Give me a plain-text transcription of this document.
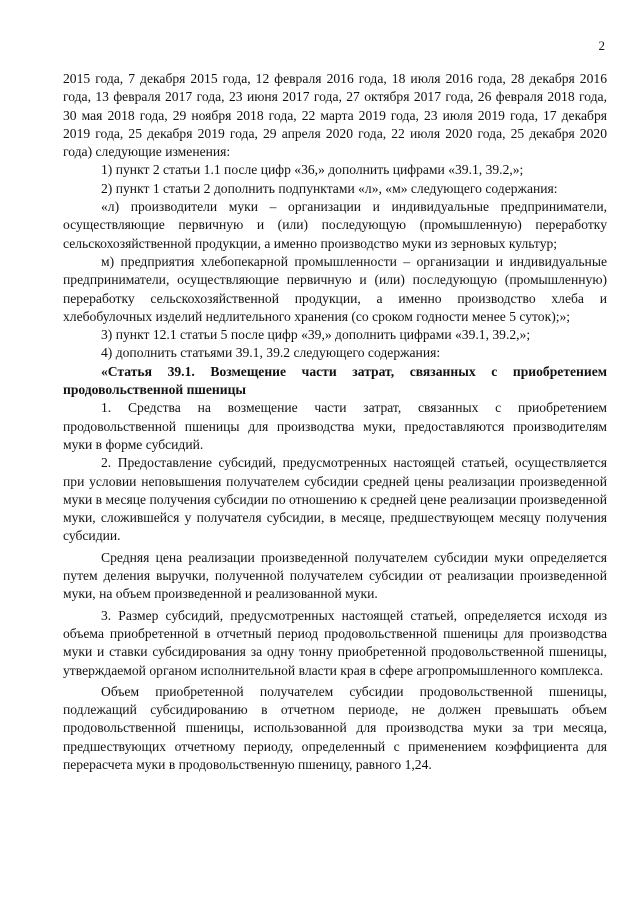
2

2015 года, 7 декабря 2015 года, 12 февраля 2016 года, 18 июля 2016 года, 28 декабря 2016 года, 13 февраля 2017 года, 23 июня 2017 года, 27 октября 2017 года, 26 февраля 2018 года, 30 мая 2018 года, 29 ноября 2018 года, 22 марта 2019 года, 23 июля 2019 года, 17 декабря 2019 года, 25 декабря 2019 года, 29 апреля 2020 года, 22 июля 2020 года, 25 декабря 2020 года) следующие изменения:

1) пункт 2 статьи 1.1 после цифр «36,» дополнить цифрами «39.1, 39.2,»;

2) пункт 1 статьи 2 дополнить подпунктами «л», «м» следующего содержания:

«л) производители муки – организации и индивидуальные предприниматели, осуществляющие первичную и (или) последующую (промышленную) переработку сельскохозяйственной продукции, а именно производство муки из зерновых культур;

м) предприятия хлебопекарной промышленности – организации и индивидуальные предприниматели, осуществляющие первичную и (или) последующую (промышленную) переработку сельскохозяйственной продукции, а именно производство хлеба и хлебобулочных изделий недлительного хранения (со сроком годности менее 5 суток);»;

3) пункт 12.1 статьи 5 после цифр «39,» дополнить цифрами «39.1, 39.2,»;

4) дополнить статьями 39.1, 39.2 следующего содержания:

«Статья 39.1. Возмещение части затрат, связанных с приобретением продовольственной пшеницы

1. Средства на возмещение части затрат, связанных с приобретением продовольственной пшеницы для производства муки, предоставляются производителям муки в форме субсидий.

2. Предоставление субсидий, предусмотренных настоящей статьей, осуществляется при условии неповышения получателем субсидии средней цены реализации произведенной муки в месяце получения субсидии по отношению к средней цене реализации произведенной муки, сложившейся у получателя субсидии, в месяце, предшествующем месяцу получения субсидии.

Средняя цена реализации произведенной получателем субсидии муки определяется путем деления выручки, полученной получателем субсидии от реализации произведенной муки, на объем произведенной и реализованной муки.

3. Размер субсидий, предусмотренных настоящей статьей, определяется исходя из объема приобретенной в отчетный период продовольственной пшеницы для производства муки и ставки субсидирования за одну тонну приобретенной продовольственной пшеницы, утверждаемой органом исполнительной власти края в сфере агропромышленного комплекса.

Объем приобретенной получателем субсидии продовольственной пшеницы, подлежащий субсидированию в отчетном периоде, не должен превышать объем продовольственной пшеницы, использованной для производства муки за три месяца, предшествующих отчетному периоду, определенный с применением коэффициента для перерасчета муки в продовольственную пшеницу, равного 1,24.
